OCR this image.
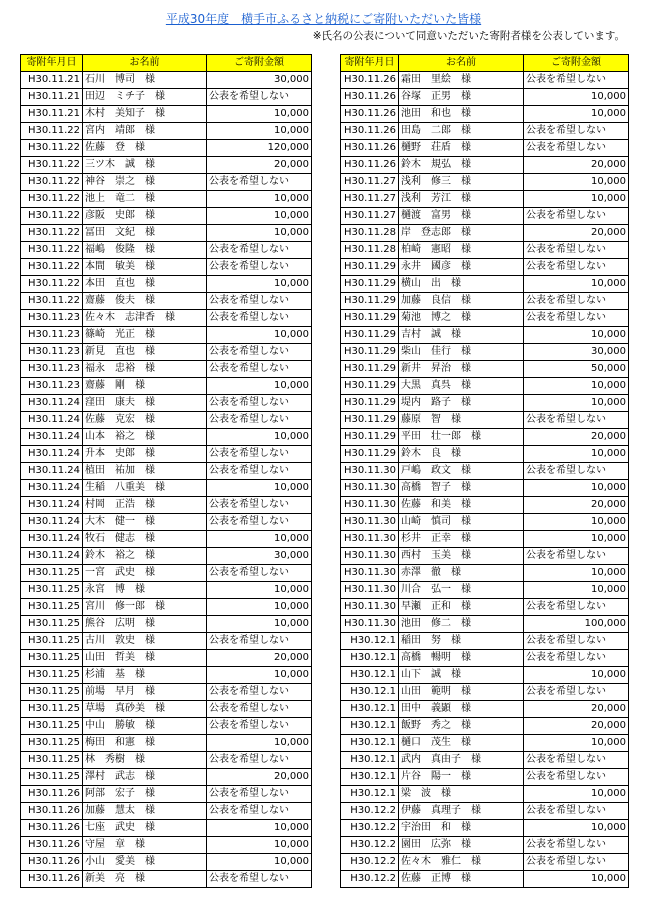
平成30年度　横手市ふるさと納税にご寄附いただいた皆様
※氏名の公表について同意いただいた寄附者様を公表しています。
寄附年月日	お名前	ご寄附金額
H30.11.21	石川　博司　様	30,000
H30.11.21	田辺　ミチ子　様	公表を希望しない
H30.11.21	木村　美知子　様	10,000
H30.11.22	宮内　靖郎　様	10,000
H30.11.22	佐藤　登　様	120,000
H30.11.22	三ツ木　誠　様	20,000
H30.11.22	神谷　崇之　様	公表を希望しない
H30.11.22	池上　竜二　様	10,000
H30.11.22	彦阪　史郎　様	10,000
H30.11.22	冨田　文紀　様	10,000
H30.11.22	福嶋　俊隆　様	公表を希望しない
H30.11.22	本間　敏美　様	公表を希望しない
H30.11.22	本田　直也　様	10,000
H30.11.22	齋藤　俊夫　様	公表を希望しない
H30.11.23	佐々木　志津香　様	公表を希望しない
H30.11.23	篠崎　光正　様	10,000
H30.11.23	新見　直也　様	公表を希望しない
H30.11.23	福永　忠裕　様	公表を希望しない
H30.11.23	齋藤　剛　様	10,000
H30.11.24	窪田　康夫　様	公表を希望しない
H30.11.24	佐藤　克宏　様	公表を希望しない
H30.11.24	山本　裕之　様	10,000
H30.11.24	升本　史郎　様	公表を希望しない
H30.11.24	植田　祐加　様	公表を希望しない
H30.11.24	生稲　八重美　様	10,000
H30.11.24	村岡　正浩　様	公表を希望しない
H30.11.24	大木　健一　様	公表を希望しない
H30.11.24	牧石　健志　様	10,000
H30.11.24	鈴木　裕之　様	30,000
H30.11.25	一宮　武史　様	公表を希望しない
H30.11.25	永宮　博　様	10,000
H30.11.25	宮川　修一郎　様	10,000
H30.11.25	熊谷　広明　様	10,000
H30.11.25	古川　敦史　様	公表を希望しない
H30.11.25	山田　哲美　様	20,000
H30.11.25	杉浦　基　様	10,000
H30.11.25	前場　早月　様	公表を希望しない
H30.11.25	草場　真砂美　様	公表を希望しない
H30.11.25	中山　勝敏　様	公表を希望しない
H30.11.25	梅田　和憲　様	10,000
H30.11.25	林　秀樹　様	公表を希望しない
H30.11.25	澤村　武志　様	20,000
H30.11.26	阿部　宏子　様	公表を希望しない
H30.11.26	加藤　慧太　様	公表を希望しない
H30.11.26	七座　武史　様	10,000
H30.11.26	守屋　章　様	10,000
H30.11.26	小山　愛美　様	10,000
H30.11.26	新美　亮　様	公表を希望しない
寄附年月日	お名前	ご寄附金額
H30.11.26	霜田　里絵　様	公表を希望しない
H30.11.26	谷塚　正男　様	10,000
H30.11.26	池田　和也　様	10,000
H30.11.26	田島　二郎　様	公表を希望しない
H30.11.26	樋野　荘盾　様	公表を希望しない
H30.11.26	鈴木　規弘　様	20,000
H30.11.27	浅利　修三　様	10,000
H30.11.27	浅利　芳江　様	10,000
H30.11.27	樋渡　富男　様	公表を希望しない
H30.11.28	岸　登志郎　様	20,000
H30.11.28	柏崎　憲昭　様	公表を希望しない
H30.11.29	永井　國彦　様	公表を希望しない
H30.11.29	横山　出　様	10,000
H30.11.29	加藤　良信　様	公表を希望しない
H30.11.29	菊池　博之　様	公表を希望しない
H30.11.29	吉村　誠　様	10,000
H30.11.29	柴山　佳行　様	30,000
H30.11.29	新井　昇治　様	50,000
H30.11.29	大黒　真呉　様	10,000
H30.11.29	堤内　路子　様	10,000
H30.11.29	藤原　智　様	公表を希望しない
H30.11.29	平田　壮一郎　様	20,000
H30.11.29	鈴木　良　様	10,000
H30.11.30	戸嶋　政文　様	公表を希望しない
H30.11.30	高橋　智子　様	10,000
H30.11.30	佐藤　和美　様	20,000
H30.11.30	山崎　慎司　様	10,000
H30.11.30	杉井　正幸　様	10,000
H30.11.30	西村　玉美　様	公表を希望しない
H30.11.30	赤澤　徹　様	10,000
H30.11.30	川合　弘一　様	10,000
H30.11.30	早瀬　正和　様	公表を希望しない
H30.11.30	池田　修二　様	100,000
H30.12.1	稲田　努　様	公表を希望しない
H30.12.1	高橋　暢明　様	公表を希望しない
H30.12.1	山下　誠　様	10,000
H30.12.1	山田　範明　様	公表を希望しない
H30.12.1	田中　義顕　様	20,000
H30.12.1	飯野　秀之　様	20,000
H30.12.1	樋口　茂生　様	10,000
H30.12.1	武内　真由子　様	公表を希望しない
H30.12.1	片谷　陽一　様	公表を希望しない
H30.12.1	梁　波　様	10,000
H30.12.2	伊藤　真理子　様	公表を希望しない
H30.12.2	宇治田　和　様	10,000
H30.12.2	園田　広弥　様	公表を希望しない
H30.12.2	佐々木　雅仁　様	公表を希望しない
H30.12.2	佐藤　正博　様	10,000
